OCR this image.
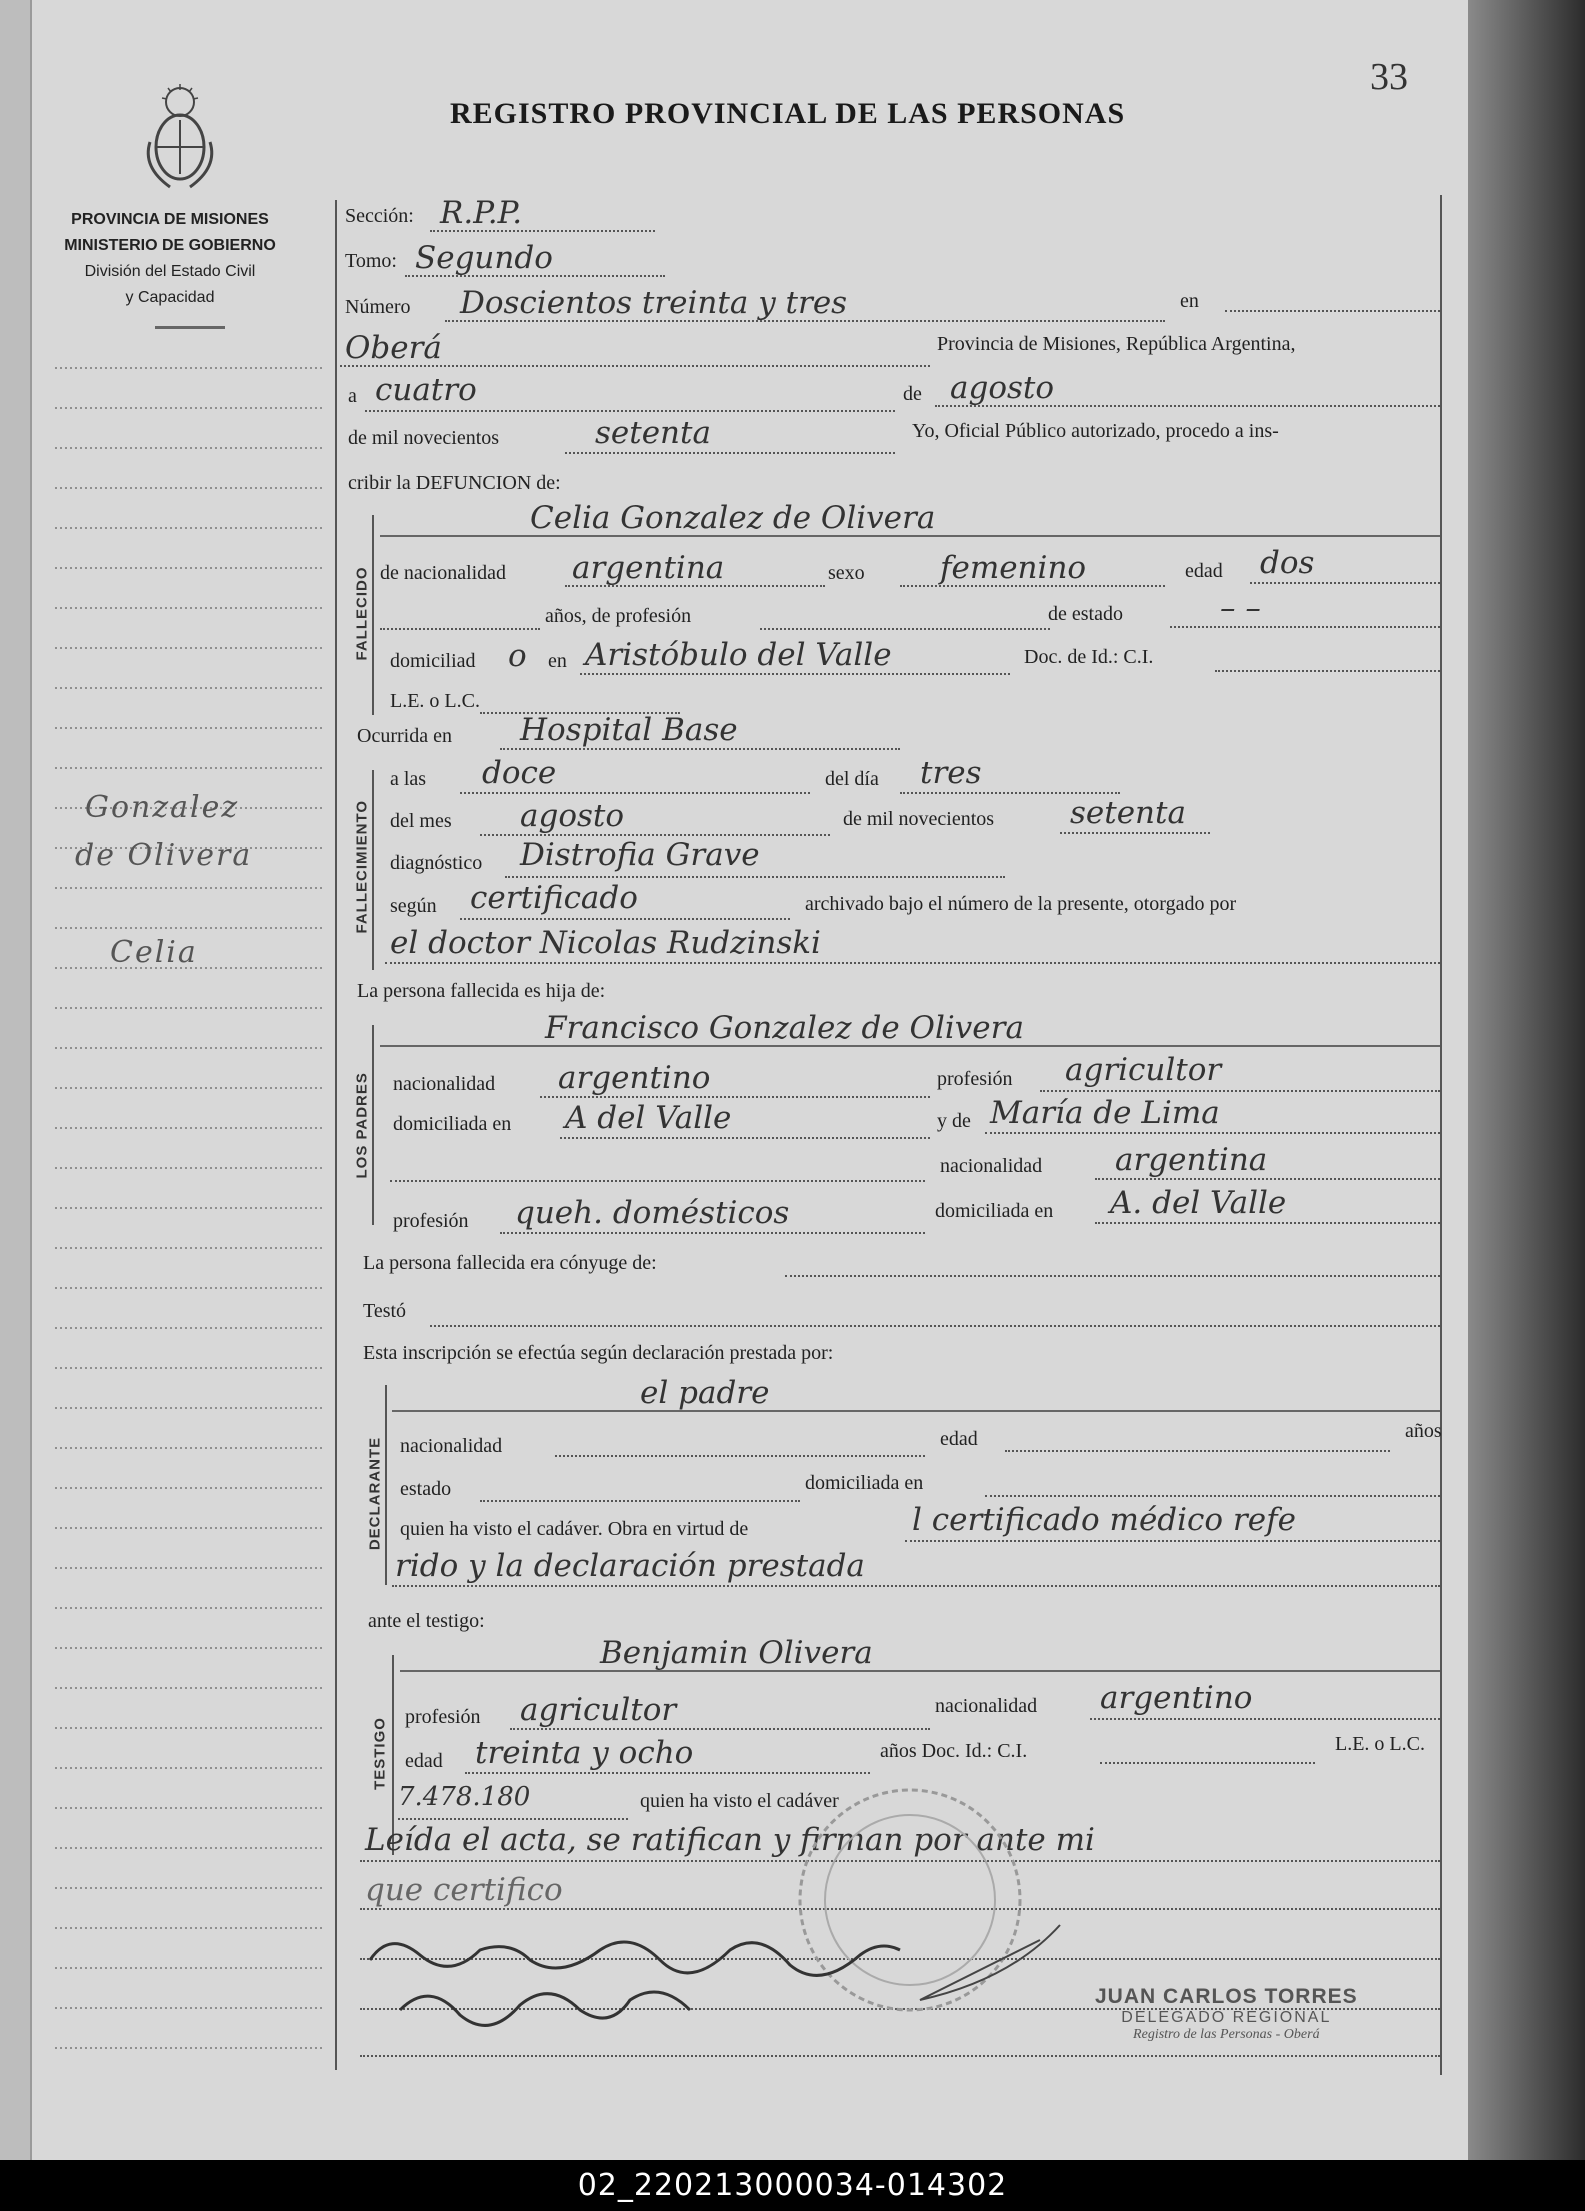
33
REGISTRO PROVINCIAL DE LAS PERSONAS
PROVINCIA DE MISIONES
MINISTERIO DE GOBIERNO
División del Estado Civil
y Capacidad
Gonzalez
de Olivera
Celia
Sección: R.P.P.
Tomo: Segundo
Número Doscientos treinta y tres	en
Oberá	Provincia de Misiones, República Argentina,
a cuatro	de agosto
de mil novecientos	setenta	Yo, Oficial Público autorizado, procedo a ins-
cribir la DEFUNCION de:
FALLECIDO
Celia Gonzalez de Olivera
de nacionalidad argentina	sexo femenino	edad dos
años, de profesión	de estado	– –
domiciliad o en Aristóbulo del Valle	Doc. de Id.: C.I.
L.E. o L.C.
Ocurrida en Hospital Base
FALLECIMIENTO
a las doce	del día tres
del mes agosto	de mil novecientos setenta
diagnóstico Distrofia Grave
según certificado	archivado bajo el número de la presente, otorgado por
el doctor Nicolas Rudzinski
La persona fallecida es hija de:
LOS PADRES
Francisco Gonzalez de Olivera
nacionalidad argentino	profesión agricultor
domiciliada en A del Valle	y de María de Lima
nacionalidad argentina
profesión queh. domésticos	domiciliada en A. del Valle
La persona fallecida era cónyuge de:
Testó
Esta inscripción se efectúa según declaración prestada por:
DECLARANTE
el padre
nacionalidad	edad	años
estado	domiciliada en
quien ha visto el cadáver. Obra en virtud de	l certificado médico refe
rido y la declaración prestada
ante el testigo:
TESTIGO
Benjamin Olivera
profesión agricultor	nacionalidad argentino
edad treinta y ocho	años Doc. Id.: C.I.	L.E. o L.C.
7.478.180	quien ha visto el cadáver
Leída el acta, se ratifican y firman por ante mi
que certifico
JUAN CARLOS TORRES
DELEGADO REGIONAL
Registro de las Personas - Oberá
02_220213000034-014302
